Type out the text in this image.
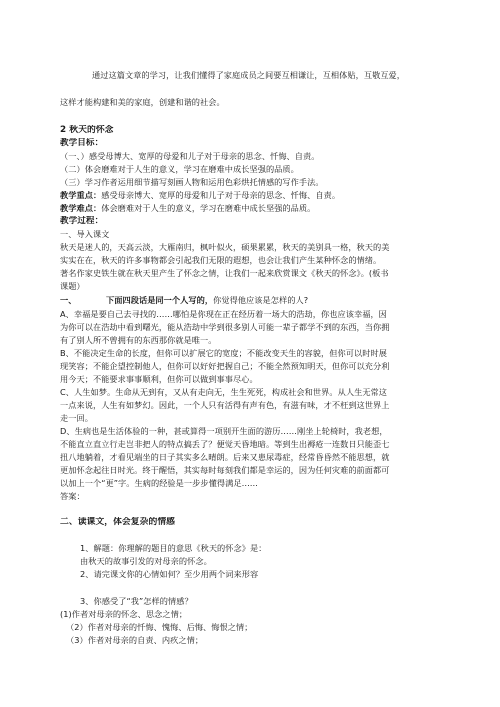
通过这篇文章的学习，让我们懂得了家庭成员之间要互相谦让，互相体贴，互敬互爱，
这样才能构建和美的家庭，创建和谐的社会。
2 秋天的怀念
教学目标：
（一、）感受母博大、宽厚的母爱和儿子对于母亲的思念、忏悔、自责。
（二）体会磨难对于人生的意义，学习在磨难中成长坚强的品质。
（三）学习作者运用细节描写刻画人物和运用色彩烘托情感的写作手法。
教学重点：感受母亲博大、宽厚的母爱和儿子对于母亲的思念、忏悔、自责。
教学难点：体会磨难对于人生的意义，学习在磨难中成长坚强的品质。
教学过程：
一、导入课文
秋天是迷人的，天高云淡，大雁南归，枫叶似火，硕果累累，秋天的美别具一格，秋天的美
实实在在，秋天的许多事物都会引起我们无限的遐想，也会让我们产生某种怀念的情绪。
著名作家史铁生就在秋天里产生了怀念之情，让我们一起来欣赏课文《秋天的怀念》。(板书
课题）
一、	下面四段话是同一个人写的，你觉得他应该是怎样的人?
A、幸福是要自己去寻找的……哪怕是你现在正在经历着一场大的浩劫，你也应该幸福，因
为你可以在浩劫中看到曙光，能从浩劫中学到很多别人可能一辈子都学不到的东西，当你拥
有了别人所不曾拥有的东西那你就是唯一。
B、不能决定生命的长度，但你可以扩展它的宽度；不能改变天生的容貌，但你可以时时展
现笑容；不能企望控制他人，但你可以好好把握自己；不能全然预知明天，但你可以充分利
用今天；不能要求事事顺利，但你可以做到事事尽心。
C、人生如梦。生命从无到有，又从有走向无，生生死死，构成社会和世界。从人生无常这
一点来说，人生有如梦幻。因此，一个人只有活得有声有色，有滋有味，才不枉到这世界上
走一回。
D、生病也是生活体验的一种，甚或算得一项别开生面的游历……刚坐上轮椅时，我老想，
不能直立直立行走岂非把人的特点搞丢了？便觉天昏地暗。等到生出褥疮一连数日只能歪七
扭八地躺着，才看见端坐的日子其实多么晴朗。后来又患尿毒症，经常昏昏然不能思想，就
更加怀念起往日时光。终于醒悟，其实每时每刻我们都是幸运的，因为任何灾难的前面都可
以加上一个“更”字。生病的经验是一步步懂得满足……
答案：
二、读课文，体会复杂的情感
1、解题：你理解的题目的意思《秋天的怀念》是：
由秋天的故事引发的对母亲的怀念。
2、请完课文你的心情如何？至少用两个词来形容
3、你感受了“我”怎样的情感？
(1)作者对母亲的怀念、思念之情；
（2）作者对母亲的忏悔、愧悔、后悔、悔恨之情；
（3）作者对母亲的自责、内疚之情；
